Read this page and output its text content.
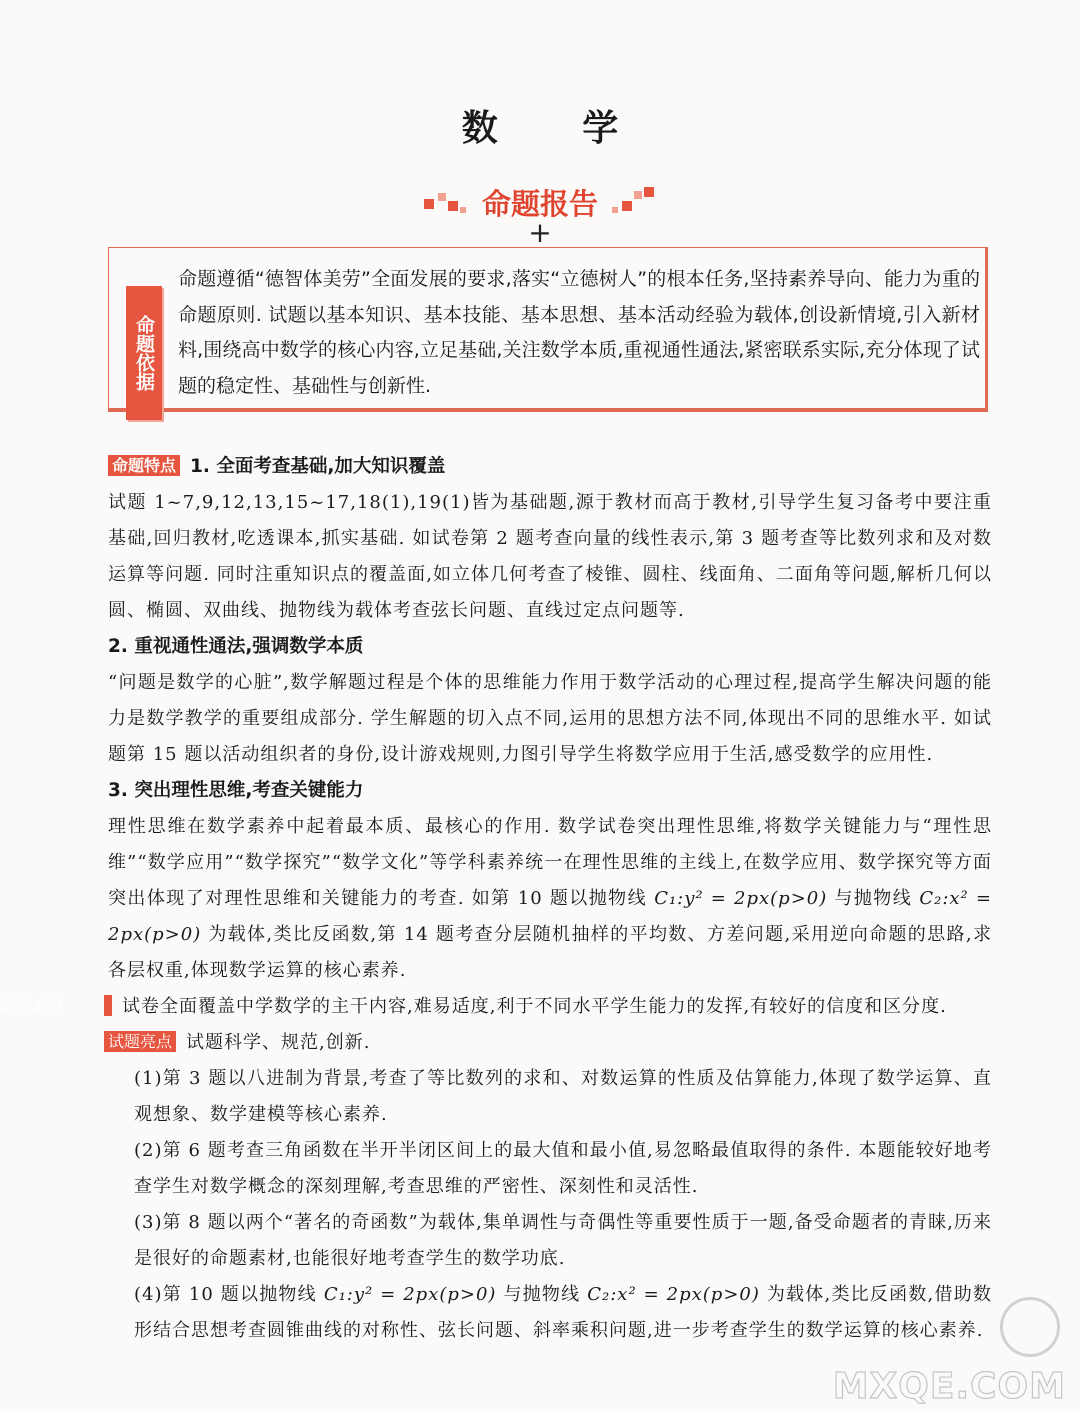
数 学
命题报告
+
命题依据
命题遵循“德智体美劳”全面发展的要求,落实“立德树人”的根本任务,坚持素养导向、能力为重的命题原则. 试题以基本知识、基本技能、基本思想、基本活动经验为载体,创设新情境,引入新材料,围绕高中数学的核心内容,立足基础,关注数学本质,重视通性通法,紧密联系实际,充分体现了试题的稳定性、基础性与创新性.
命题特点 1. 全面考查基础,加大知识覆盖
试题 1~7,9,12,13,15~17,18(1),19(1)皆为基础题,源于教材而高于教材,引导学生复习备考中要注重基础,回归教材,吃透课本,抓实基础. 如试卷第 2 题考查向量的线性表示,第 3 题考查等比数列求和及对数运算等问题. 同时注重知识点的覆盖面,如立体几何考查了棱锥、圆柱、线面角、二面角等问题,解析几何以圆、椭圆、双曲线、抛物线为载体考查弦长问题、直线过定点问题等.
2. 重视通性通法,强调数学本质
“问题是数学的心脏”,数学解题过程是个体的思维能力作用于数学活动的心理过程,提高学生解决问题的能力是数学教学的重要组成部分. 学生解题的切入点不同,运用的思想方法不同,体现出不同的思维水平. 如试题第 15 题以活动组织者的身份,设计游戏规则,力图引导学生将数学应用于生活,感受数学的应用性.
3. 突出理性思维,考查关键能力
理性思维在数学素养中起着最本质、最核心的作用. 数学试卷突出理性思维,将数学关键能力与“理性思维”“数学应用”“数学探究”“数学文化”等学科素养统一在理性思维的主线上,在数学应用、数学探究等方面突出体现了对理性思维和关键能力的考查. 如第 10 题以抛物线 C₁:y² = 2px(p>0) 与抛物线 C₂:x² = 2px(p>0) 为载体,类比反函数,第 14 题考查分层随机抽样的平均数、方差问题,采用逆向命题的思路,求各层权重,体现数学运算的核心素养.
试题难度	试卷全面覆盖中学数学的主干内容,难易适度,利于不同水平学生能力的发挥,有较好的信度和区分度.
试题亮点 试题科学、规范,创新.
(1)第 3 题以八进制为背景,考查了等比数列的求和、对数运算的性质及估算能力,体现了数学运算、直观想象、数学建模等核心素养.
(2)第 6 题考查三角函数在半开半闭区间上的最大值和最小值,易忽略最值取得的条件. 本题能较好地考查学生对数学概念的深刻理解,考查思维的严密性、深刻性和灵活性.
(3)第 8 题以两个“著名的奇函数”为载体,集单调性与奇偶性等重要性质于一题,备受命题者的青睐,历来是很好的命题素材,也能很好地考查学生的数学功底.
(4)第 10 题以抛物线 C₁:y² = 2px(p>0) 与抛物线 C₂:x² = 2px(p>0) 为载体,类比反函数,借助数形结合思想考查圆锥曲线的对称性、弦长问题、斜率乘积问题,进一步考查学生的数学运算的核心素养.
MXQE.COM
